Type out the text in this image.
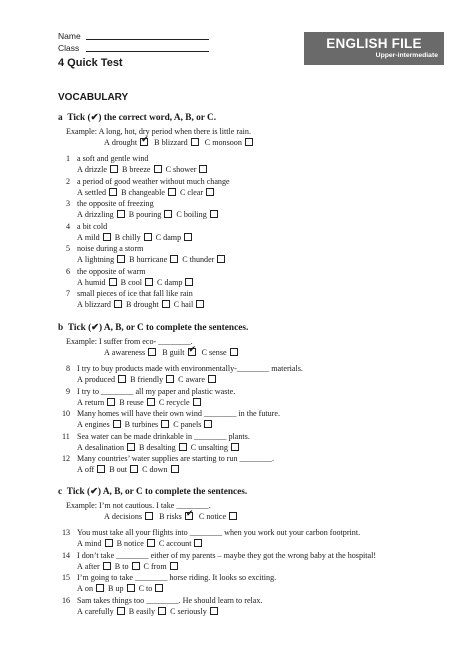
Name
Class
4 Quick Test
ENGLISH FILE
Upper-intermediate
VOCABULARY
a Tick (✔) the correct word, A, B, or C.
Example: A long, hot, dry period when there is little rain.
A drought ✔ B blizzard C monsoon
1 a soft and gentle wind
A drizzle B breeze C shower
2 a period of good weather without much change
A settled B changeable C clear
3 the opposite of freezing
A drizzling B pouring C boiling
4 a bit cold
A mild B chilly C damp
5 noise during a storm
A lightning B hurricane C thunder
6 the opposite of warm
A humid B cool C damp
7 small pieces of ice that fall like rain
A blizzard B drought C hail
b Tick (✔) A, B, or C to complete the sentences.
Example: I suffer from eco- ________.
A awareness B guilt ✔ C sense
8 I try to buy products made with environmentally-________ materials.
A produced B friendly C aware
9 I try to ________ all my paper and plastic waste.
A return B reuse C recycle
10 Many homes will have their own wind ________ in the future.
A engines B turbines C panels
11 Sea water can be made drinkable in ________ plants.
A desalination B desalting C unsalting
12 Many countries’ water supplies are starting to run ________.
A off B out C down
c Tick (✔) A, B, or C to complete the sentences.
Example: I’m not cautious. I take ________.
A decisions B risks ✔ C notice
13 You must take all your flights into ________ when you work out your carbon footprint.
A mind B notice C account
14 I don’t take ________ either of my parents – maybe they got the wrong baby at the hospital!
A after B to C from
15 I’m going to take ________ horse riding. It looks so exciting.
A on B up C to
16 Sam takes things too ________. He should learn to relax.
A carefully B easily C seriously
